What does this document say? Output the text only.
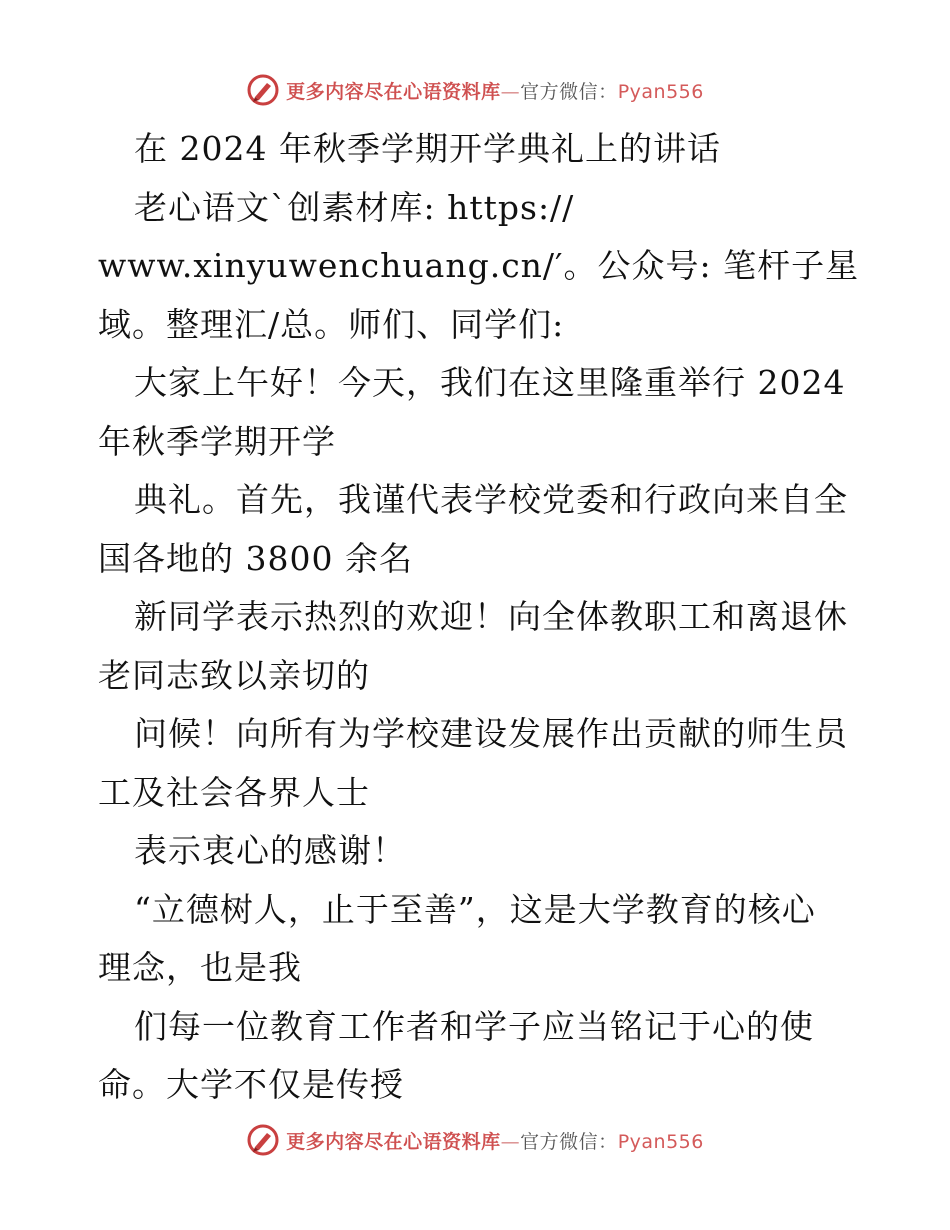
更多内容尽在心语资料库—官方微信：Pyan556
在 2024 年秋季学期开学典礼上的讲话
老心语文`创素材库: https://
www.xinyuwenchuang.cn/′。公众号: 笔杆子星
域。整理汇/总。师们、同学们:
大家上午好！今天，我们在这里隆重举行 2024
年秋季学期开学
典礼。首先，我谨代表学校党委和行政向来自全
国各地的 3800 余名
新同学表示热烈的欢迎！向全体教职工和离退休
老同志致以亲切的
问候！向所有为学校建设发展作出贡献的师生员
工及社会各界人士
表示衷心的感谢！
“立德树人，止于至善”，这是大学教育的核心
理念，也是我
们每一位教育工作者和学子应当铭记于心的使
命。大学不仅是传授
更多内容尽在心语资料库—官方微信：Pyan556
